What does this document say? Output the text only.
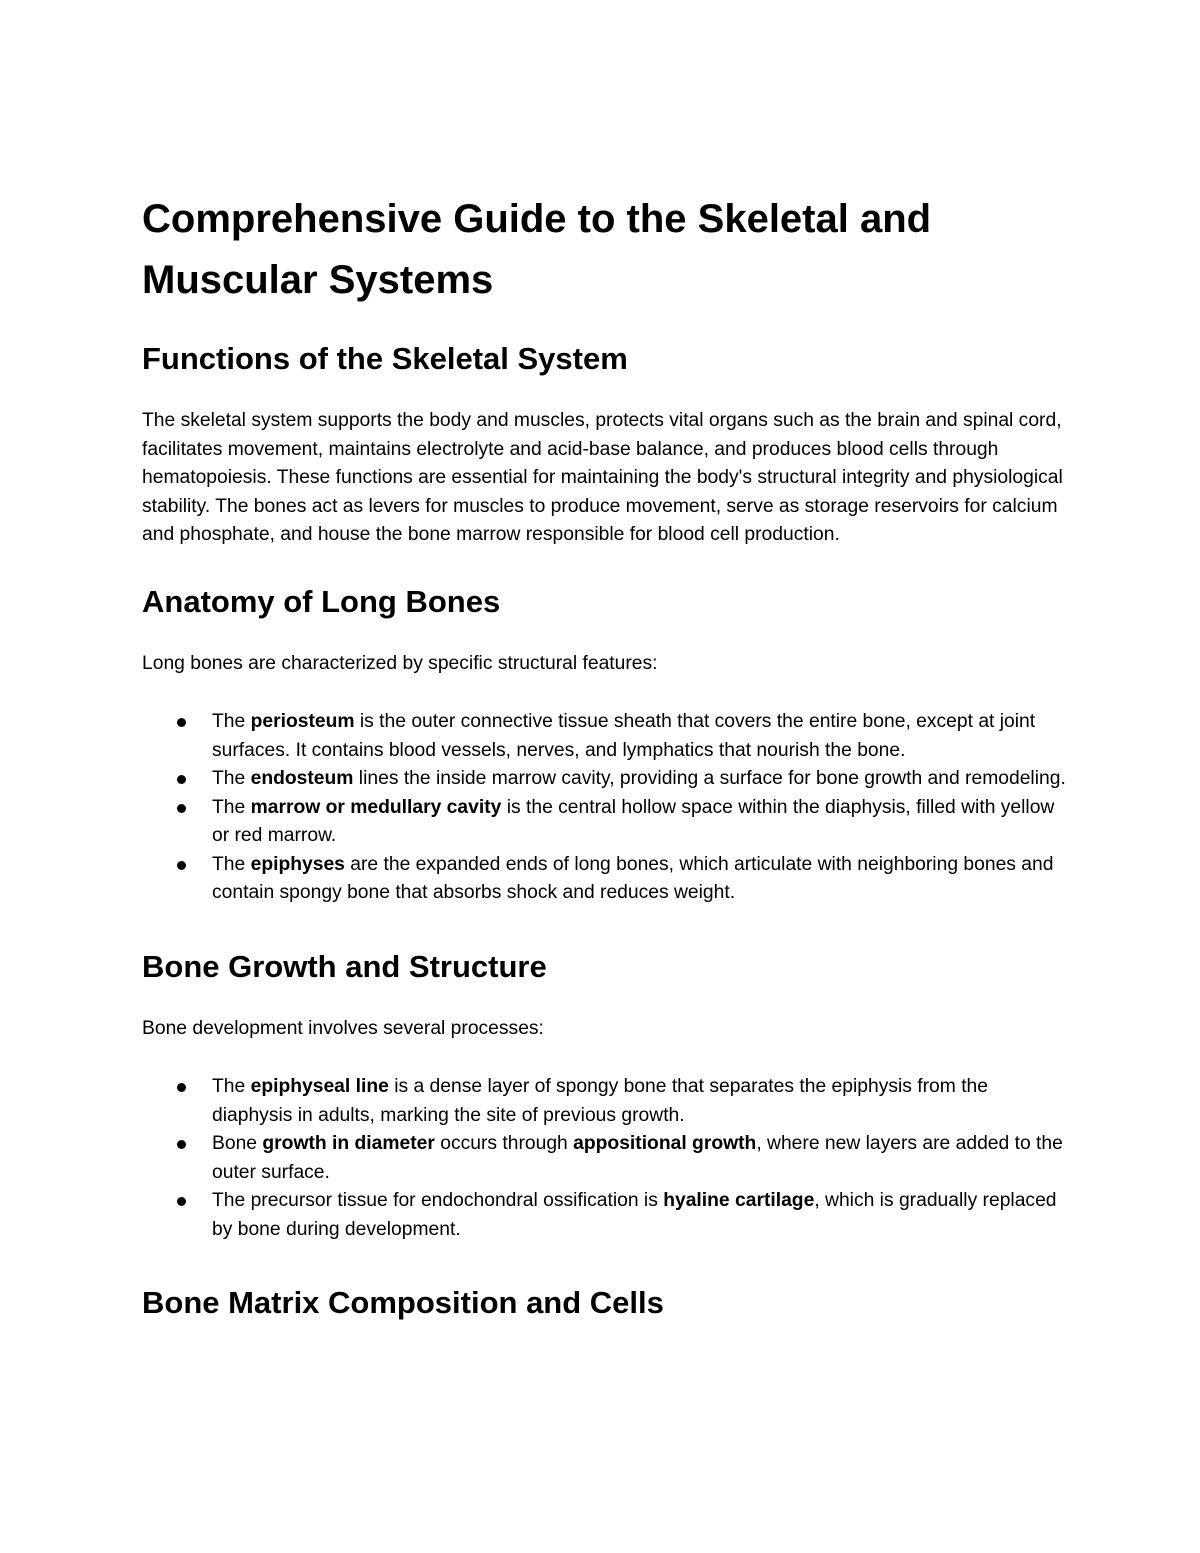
Comprehensive Guide to the Skeletal and Muscular Systems
Functions of the Skeletal System

The skeletal system supports the body and muscles, protects vital organs such as the brain and spinal cord, facilitates movement, maintains electrolyte and acid-base balance, and produces blood cells through hematopoiesis. These functions are essential for maintaining the body's structural integrity and physiological stability. The bones act as levers for muscles to produce movement, serve as storage reservoirs for calcium and phosphate, and house the bone marrow responsible for blood cell production.

Anatomy of Long Bones

Long bones are characterized by specific structural features:

The periosteum is the outer connective tissue sheath that covers the entire bone, except at joint surfaces. It contains blood vessels, nerves, and lymphatics that nourish the bone.
The endosteum lines the inside marrow cavity, providing a surface for bone growth and remodeling.
The marrow or medullary cavity is the central hollow space within the diaphysis, filled with yellow or red marrow.
The epiphyses are the expanded ends of long bones, which articulate with neighboring bones and contain spongy bone that absorbs shock and reduces weight.
Bone Growth and Structure

Bone development involves several processes:

The epiphyseal line is a dense layer of spongy bone that separates the epiphysis from the diaphysis in adults, marking the site of previous growth.
Bone growth in diameter occurs through appositional growth, where new layers are added to the outer surface.
The precursor tissue for endochondral ossification is hyaline cartilage, which is gradually replaced by bone during development.
Bone Matrix Composition and Cells
